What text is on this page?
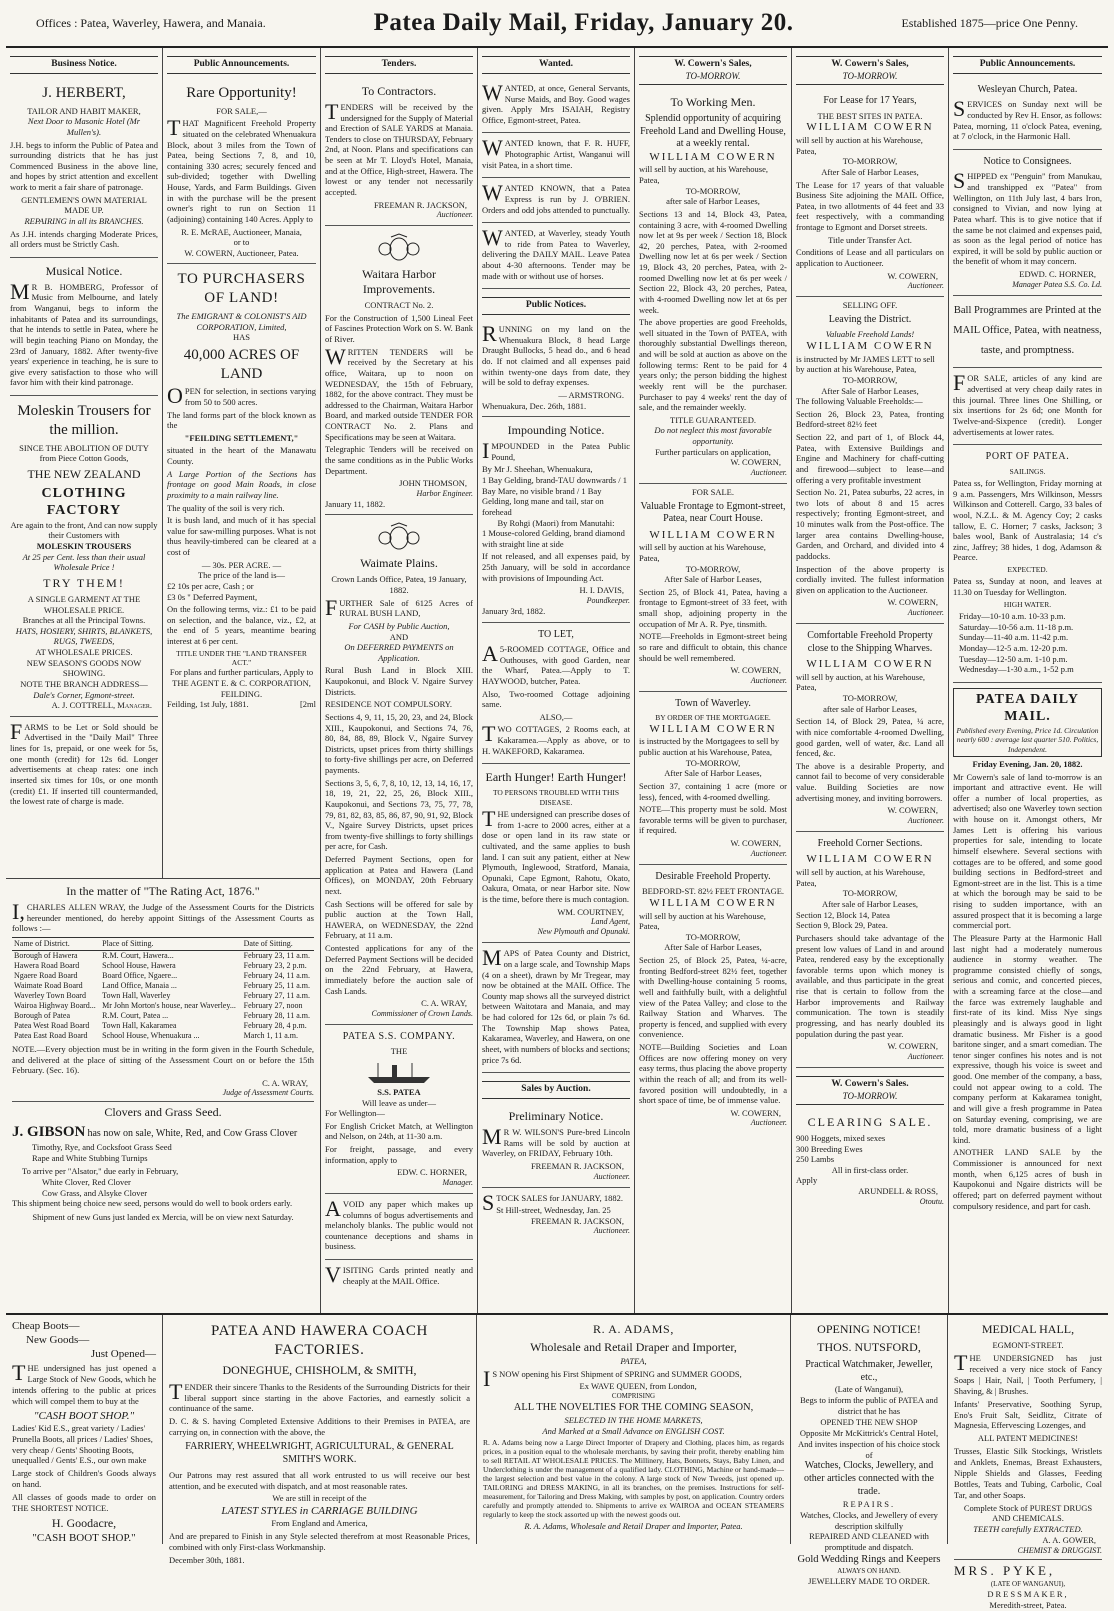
Offices : Patea, Waverley, Hawera, and Manaia.	Patea Daily Mail, Friday, January 20.	Established 1875—price One Penny.
Business Notice.
J. HERBERT,
TAILOR AND HABIT MAKER,
Next Door to Masonic Hotel (Mr Mullen's).

J.H. begs to inform the Public of Patea and surrounding districts that he has just Commenced Business in the above line, and hopes by strict attention and excellent work to merit a fair share of patronage.

GENTLEMEN'S OWN MATERIAL MADE UP.
REPAIRING in all its BRANCHES.

As J.H. intends charging Moderate Prices, all orders must be Strictly Cash.

Musical Notice.

MR B. HOMBERG, Professor of Music from Melbourne, and lately from Wanganui, begs to inform the inhabitants of Patea and its surroundings, that he intends to settle in Patea, where he will begin teaching Piano on Monday, the 23rd of January, 1882. After twenty-five years' experience in teaching, he is sure to give every satisfaction to those who will favor him with their kind patronage.

Moleskin Trousers for the million.
SINCE THE ABOLITION OF DUTY from Piece Cotton Goods,
THE NEW ZEALAND
CLOTHING FACTORY
Are again to the front, And can now supply their Customers with
MOLESKIN TROUSERS
At 25 per Cent. less than their usual Wholesale Price !
TRY THEM!
A SINGLE GARMENT AT THE WHOLESALE PRICE.
Branches at all the Principal Towns.
HATS, HOSIERY, SHIRTS, BLANKETS, RUGS, TWEEDS,
AT WHOLESALE PRICES.
NEW SEASON'S GOODS NOW SHOWING.
NOTE THE BRANCH ADDRESS—
Dale's Corner, Egmont-street.
A. J. COTTRELL, Manager.

FARMS to be Let or Sold should be Advertised in the "Daily Mail" Three lines for 1s, prepaid, or one week for 5s, one month (credit) for 12s 6d. Longer advertisements at cheap rates: one inch inserted six times for 10s, or one month (credit) £1. If inserted till countermanded, the lowest rate of charge is made.

Public Announcements.
Rare Opportunity!
FOR SALE,—

THAT Magnificent Freehold Property situated on the celebrated Whenuakura Block, about 3 miles from the Town of Patea, being Sections 7, 8, and 10, containing 330 acres; securely fenced and sub-divided; together with Dwelling House, Yards, and Farm Buildings. Given in with the purchase will be the present owner's right to run on Section 11 (adjoining) containing 140 Acres. Apply to

R. E. McRAE, Auctioneer, Manaia,
or to
W. COWERN, Auctioneer, Patea.
TO PURCHASERS OF LAND!
The EMIGRANT & COLONIST'S AID CORPORATION, Limited,
HAS
40,000 ACRES OF LAND

OPEN for selection, in sections varying from 50 to 500 acres.

The land forms part of the block known as the

"FEILDING SETTLEMENT,"

situated in the heart of the Manawatu County.

A Large Portion of the Sections has frontage on good Main Roads, in close proximity to a main railway line.

The quality of the soil is very rich.

It is bush land, and much of it has special value for saw-milling purposes. What is not thus heavily-timbered can be cleared at a cost of

— 30s. PER ACRE. —
The price of the land is—
£2 10s per acre, Cash ; or
£3 0s " Deferred Payment,

On the following terms, viz.: £1 to be paid on selection, and the balance, viz., £2, at the end of 5 years, meantime bearing interest at 6 per cent.

TITLE UNDER THE "LAND TRANSFER ACT."
For plans and further particulars, Apply to
THE AGENT E. & C. CORPORATION, FEILDING.
Feilding, 1st July, 1881.	[2ml
In the matter of "The Rating Act, 1876."

I,CHARLES ALLEN WRAY, the Judge of the Assessment Courts for the Districts hereunder mentioned, do hereby appoint Sittings of the Assessment Courts as follows :—

Name of District.	Place of Sitting.	Date of Sitting.
Borough of Hawera	R.M. Court, Hawera...	February 23, 11 a.m.
Hawera Road Board	School House, Hawera	February 23, 2 p.m.
Ngaere Road Board	Board Office, Ngaere...	February 24, 11 a.m.
Waimate Road Board	Land Office, Manaia ...	February 25, 11 a.m.
Waverley Town Board	Town Hall, Waverley	February 27, 11 a.m.
Wairoa Highway Board...	Mr John Morton's house, near Waverley...	February 27, noon
Borough of Patea	R.M. Court, Patea ...	February 28, 11 a.m.
Patea West Road Board	Town Hall, Kakaramea	February 28, 4 p.m.
Patea East Road Board	School House, Whenuakura ...	March 1, 11 a.m.

NOTE.—Every objection must be in writing in the form given in the Fourth Schedule, and delivered at the place of sitting of the Assessment Court on or before the 15th February. (Sec. 16).

C. A. WRAY,
Judge of Assessment Courts.
Clovers and Grass Seed.
J. GIBSON has now on sale, White, Red, and Cow Grass Clover
Timothy, Rye, and Cocksfoot Grass Seed
Rape and White Stubbing Turnips
To arrive per "Alsator," due early in February,
White Clover, Red Clover
Cow Grass, and Alsyke Clover
This shipment being choice new seed, persons would do well to book orders early.
Shipment of new Guns just landed ex Mercia, will be on view next Saturday.
Tenders.
To Contractors.

TENDERS will be received by the undersigned for the Supply of Material and Erection of SALE YARDS at Manaia. Tenders to close on THURSDAY, February 2nd, at Noon. Plans and specifications can be seen at Mr T. Lloyd's Hotel, Manaia, and at the Office, High-street, Hawera. The lowest or any tender not necessarily accepted.

FREEMAN R. JACKSON,
Auctioneer.
Waitara Harbor Improvements.
CONTRACT No. 2.

For the Construction of 1,500 Lineal Feet of Fascines Protection Work on S. W. Bank of River.

WRITTEN TENDERS will be received by the Secretary at his office, Waitara, up to noon on WEDNESDAY, the 15th of February, 1882, for the above contract. They must be addressed to the Chairman, Waitara Harbor Board, and marked outside TENDER FOR CONTRACT No. 2. Plans and Specifications may be seen at Waitara.

Telegraphic Tenders will be received on the same conditions as in the Public Works Department.

JOHN THOMSON,
Harbor Engineer.
January 11, 1882.
Waimate Plains.
Crown Lands Office, Patea, 19 January, 1882.

FURTHER Sale of 6125 Acres of RURAL BUSH LAND,

For CASH by Public Auction,
AND
On DEFERRED PAYMENTS on Application.

Rural Bush Land in Block XIII. Kaupokonui, and Block V. Ngaire Survey Districts.

RESIDENCE NOT COMPULSORY.

Sections 4, 9, 11, 15, 20, 23, and 24, Block XIII., Kaupokonui, and Sections 74, 76, 80, 84, 88, 89, Block V., Ngaire Survey Districts, upset prices from thirty shillings to forty-five shillings per acre, on Deferred payments.

Sections 3, 5, 6, 7, 8, 10, 12, 13, 14, 16, 17, 18, 19, 21, 22, 25, 26, Block XIII., Kaupokonui, and Sections 73, 75, 77, 78, 79, 81, 82, 83, 85, 86, 87, 90, 91, 92, Block V., Ngaire Survey Districts, upset prices from twenty-five shillings to forty shillings per acre, for Cash.

Deferred Payment Sections, open for application at Patea and Hawera (Land Offices), on MONDAY, 20th February next.

Cash Sections will be offered for sale by public auction at the Town Hall, HAWERA, on WEDNESDAY, the 22nd February, at 11 a.m.

Contested applications for any of the Deferred Payment Sections will be decided on the 22nd February, at Hawera, immediately before the auction sale of Cash Lands.

C. A. WRAY,
Commissioner of Crown Lands.
PATEA S.S. COMPANY.
THE
S.S. PATEA
Will leave as under—
For Wellington—

For English Cricket Match, at Wellington and Nelson, on 24th, at 11-30 a.m.

For freight, passage, and every information, apply to

EDW. C. HORNER,
Manager.

AVOID any paper which makes up columns of bogus advertisements and melancholy blanks. The public would not countenance deceptions and shams in business.

VISITING Cards printed neatly and cheaply at the MAIL Office.

Wanted.

WANTED, at once, General Servants, Nurse Maids, and Boy. Good wages given. Apply Mrs ISAIAH, Registry Office, Egmont-street, Patea.

WANTED known, that F. R. HUFF, Photographic Artist, Wanganui will visit Patea, in a short time.

WANTED KNOWN, that a Patea Express is run by J. O'BRIEN. Orders and odd jobs attended to punctually.

WANTED, at Waverley, steady Youth to ride from Patea to Waverley, delivering the DAILY MAIL. Leave Patea about 4-30 afternoons. Tender may be made with or without use of horses.

Public Notices.

RUNNING on my land on the Whenuakura Block, 8 head Large Draught Bullocks, 5 head do., and 6 head do. If not claimed and all expenses paid within twenty-one days from date, they will be sold to defray expenses.

— ARMSTRONG.
Whenuakura, Dec. 26th, 1881.
Impounding Notice.

IMPOUNDED in the Patea Public Pound,

By Mr J. Sheehan, Whenuakura,
1 Bay Gelding, brand-TAU downwards / 1 Bay Mare, no visible brand / 1 Bay Gelding, long mane and tail, star on forehead
By Rohgi (Maori) from Manutahi:
1 Mouse-colored Gelding, brand diamond with straight line at side

If not released, and all expenses paid, by 25th January, will be sold in accordance with provisions of Impounding Act.

H. I. DAVIS,
Poundkeeper.
January 3rd, 1882.
TO LET,

A5-ROOMED COTTAGE, Office and Outhouses, with good Garden, near the Wharf, Patea.—Apply to T. HAYWOOD, butcher, Patea.

Also, Two-roomed Cottage adjoining same.

ALSO,—

TWO COTTAGES, 2 Rooms each, at Kakaramea.—Apply as above, or to H. WAKEFORD, Kakaramea.

Earth Hunger! Earth Hunger!
TO PERSONS TROUBLED WITH THIS DISEASE.

THE undersigned can prescribe doses of from 1-acre to 2000 acres, either at a dose or open land in its raw state or cultivated, and the same applies to bush land. I can suit any patient, either at New Plymouth, Inglewood, Stratford, Manaia, Opunaki, Cape Egmont, Rahotu, Okato, Oakura, Omata, or near Harbor site. Now is the time, before there is much contagion.

WM. COURTNEY,
Land Agent,
New Plymouth and Opunaki.

MAPS of Patea County and District, on a large scale, and Township Maps (4 on a sheet), drawn by Mr Tregear, may now be obtained at the MAIL Office. The County map shows all the surveyed district between Waitotara and Manaia, and may be had colored for 12s 6d, or plain 7s 6d. The Township Map shows Patea, Kakaramea, Waverley, and Hawera, on one sheet, with numbers of blocks and sections; price 7s 6d.

Sales by Auction.
Preliminary Notice.

MR W. WILSON'S Pure-bred Lincoln Rams will be sold by auction at Waverley, on FRIDAY, February 10th.

FREEMAN R. JACKSON,
Auctioneer.

STOCK SALES for JANUARY, 1882.

St Hill-street, Wednesday, Jan. 25
FREEMAN R. JACKSON,
Auctioneer.
W. Cowern's Sales,
TO-MORROW.
To Working Men.
Splendid opportunity of acquiring Freehold Land and Dwelling House, at a weekly rental.
WILLIAM COWERN
will sell by auction, at his Warehouse, Patea,
TO-MORROW,
after sale of Harbor Leases,

Sections 13 and 14, Block 43, Patea, containing 3 acre, with 4-roomed Dwelling now let at 9s per week / Section 18, Block 42, 20 perches, Patea, with 2-roomed Dwelling now let at 6s per week / Section 19, Block 43, 20 perches, Patea, with 2-roomed Dwelling now let at 6s per week / Section 22, Block 43, 20 perches, Patea, with 4-roomed Dwelling now let at 6s per week.

The above properties are good Freeholds, well situated in the Town of PATEA, with thoroughly substantial Dwellings thereon, and will be sold at auction as above on the following terms: Rent to be paid for 4 years only; the person bidding the highest weekly rent will be the purchaser. Purchaser to pay 4 weeks' rent the day of sale, and the remainder weekly.

TITLE GUARANTEED.
Do not neglect this most favorable opportunity.
Further particulars on application,
W. COWERN,
Auctioneer.
FOR SALE.
Valuable Frontage to Egmont-street, Patea, near Court House.
WILLIAM COWERN
will sell by auction at his Warehouse, Patea,
TO-MORROW,
After Sale of Harbor Leases,

Section 25, of Block 41, Patea, having a frontage to Egmont-street of 33 feet, with small shop, adjoining property in the occupation of Mr A. R. Pye, tinsmith.

NOTE—Freeholds in Egmont-street being so rare and difficult to obtain, this chance should be well remembered.

W. COWERN,
Auctioneer.
Town of Waverley.
BY ORDER OF THE MORTGAGEE.
WILLIAM COWERN
is instructed by the Mortgagees to sell by public auction at his Warehouse, Patea,
TO-MORROW,
After Sale of Harbor Leases,

Section 37, containing 1 acre (more or less), fenced, with 4-roomed dwelling.

NOTE—This property must be sold. Most favorable terms will be given to purchaser, if required.

W. COWERN,
Auctioneer.
Desirable Freehold Property.
BEDFORD-ST. 82½ FEET FRONTAGE.
WILLIAM COWERN
will sell by auction at his Warehouse, Patea,
TO-MORROW,
After Sale of Harbor Leases,

Section 25, of Block 25, Patea, ¼-acre, fronting Bedford-street 82½ feet, together with Dwelling-house containing 5 rooms, well and faithfully built, with a delightful view of the Patea Valley; and close to the Railway Station and Wharves. The property is fenced, and supplied with every convenience.

NOTE—Building Societies and Loan Offices are now offering money on very easy terms, thus placing the above property within the reach of all; and from its well-favored position will undoubtedly, in a short space of time, be of immense value.

W. COWERN,
Auctioneer.
W. Cowern's Sales,
TO-MORROW.
For Lease for 17 Years,
THE BEST SITES IN PATEA.
WILLIAM COWERN
will sell by auction at his Warehouse, Patea,
TO-MORROW,
After Sale of Harbor Leases,

The Lease for 17 years of that valuable Business Site adjoining the MAIL Office, Patea, in two allotments of 44 feet and 33 feet respectively, with a commanding frontage to Egmont and Dorset streets.

Title under Transfer Act.

Conditions of Lease and all particulars on application to Auctioneer.

W. COWERN,
Auctioneer.
SELLING OFF.
Leaving the District.
Valuable Freehold Lands!
WILLIAM COWERN
is instructed by Mr JAMES LETT to sell by auction at his Warehouse, Patea,
TO-MORROW,
After Sale of Harbor Leases,
The following Valuable Freeholds:—

Section 26, Block 23, Patea, fronting Bedford-street 82½ feet

Section 22, and part of 1, of Block 44, Patea, with Extensive Buildings and Engine and Machinery for chaff-cutting and firewood—subject to lease—and offering a very profitable investment

Section No. 21, Patea suburbs, 22 acres, in two lots of about 8 and 15 acres respectively; fronting Egmont-street, and 10 minutes walk from the Post-office. The larger area contains Dwelling-house, Garden, and Orchard, and divided into 4 paddocks.

Inspection of the above property is cordially invited. The fullest information given on application to the Auctioneer.

W. COWERN,
Auctioneer.
Comfortable Freehold Property close to the Shipping Wharves.
WILLIAM COWERN
will sell by auction, at his Warehouse, Patea,
TO-MORROW,
after sale of Harbor Leases,

Section 14, of Block 29, Patea, ¼ acre, with nice comfortable 4-roomed Dwelling, good garden, well of water, &c. Land all fenced, &c.

The above is a desirable Property, and cannot fail to become of very considerable value. Building Societies are now advertising money, and inviting borrowers.

W. COWERN,
Auctioneer.
Freehold Corner Sections.
WILLIAM COWERN
will sell by auction, at his Warehouse, Patea,
TO-MORROW,
After sale of Harbor Leases,
Section 12, Block 14, Patea
Section 9, Block 29, Patea.

Purchasers should take advantage of the present low values of Land in and around Patea, rendered easy by the exceptionally favorable terms upon which money is available, and thus participate in the great rise that is certain to follow from the Harbor improvements and Railway communication. The town is steadily progressing, and has nearly doubled its population during the past year.

W. COWERN,
Auctioneer.
W. Cowern's Sales.
TO-MORROW.
CLEARING SALE.
900 Hoggets, mixed sexes
300 Breeding Ewes
250 Lambs
All in first-class order.
Apply
ARUNDELL & ROSS,
Otoutu.
Public Announcements.
Wesleyan Church, Patea.

SERVICES on Sunday next will be conducted by Rev H. Ensor, as follows: Patea, morning, 11 o'clock Patea, evening, at 7 o'clock, in the Harmonic Hall.

Notice to Consignees.

SHIPPED ex "Penguin" from Manukau, and transhipped ex "Patea" from Wellington, on 11th July last, 4 bars Iron, consigned to Vivian, and now lying at Patea wharf. This is to give notice that if the same be not claimed and expenses paid, as soon as the legal period of notice has expired, it will be sold by public auction or the benefit of whom it may concern.

EDWD. C. HORNER,
Manager Patea S.S. Co. Ld.

Ball Programmes are Printed at the MAIL Office, Patea, with neatness, taste, and promptness.

FOR SALE, articles of any kind are advertised at very cheap daily rates in this journal. Three lines One Shilling, or six insertions for 2s 6d; one Month for Twelve-and-Sixpence (credit). Longer advertisements at lower rates.

PORT OF PATEA.
SAILINGS.

Patea ss, for Wellington, Friday morning at 9 a.m. Passengers, Mrs Wilkinson, Messrs Wilkinson and Cotterell. Cargo, 33 bales of wool, N.Z.L. & M. Agency Coy; 2 casks tallow, E. C. Horner; 7 casks, Jackson; 3 bales wool, Bank of Australasia; 14 c's zinc, Jaffrey; 38 hides, 1 dog, Adamson & Pearce.

EXPECTED.

Patea ss, Sunday at noon, and leaves at 11.30 on Tuesday for Wellington.

HIGH WATER.
Friday—10-10 a.m. 10-33 p.m.
Saturday—10-56 a.m. 11-18 p.m.
Sunday—11-40 a.m. 11-42 p.m.
Monday—12-5 a.m. 12-20 p.m.
Tuesday—12-50 a.m. 1-10 p.m.
Wednesday—1-30 a.m., 1-52 p.m
PATEA DAILY MAIL.
Published every Evening, Price 1d. Circulation nearly 600 : average last quarter 510. Politics, Independent.
Friday Evening, Jan. 20, 1882.

Mr Cowern's sale of land to-morrow is an important and attractive event. He will offer a number of local properties, as advertised; also one Waverley town section with house on it. Amongst others, Mr James Lett is offering his various properties for sale, intending to locate himself elsewhere. Several sections with cottages are to be offered, and some good building sections in Bedford-street and Egmont-street are in the list. This is a time at which the borough may be said to be rising to sudden importance, with an assured prospect that it is becoming a large commercial port.

The Pleasure Party at the Harmonic Hall last night had a moderately numerous audience in stormy weather. The programme consisted chiefly of songs, serious and comic, and concerted pieces, with a screaming farce at the close—and the farce was extremely laughable and first-rate of its kind. Miss Nye sings pleasingly and is always good in light dramatic business. Mr Fisher is a good baritone singer, and a smart comedian. The tenor singer confines his notes and is not expressive, though his voice is sweet and good. One member of the company, a bass, could not appear owing to a cold. The company perform at Kakaramea tonight, and will give a fresh programme in Patea on Saturday evening, comprising, we are told, more dramatic business of a light kind.

ANOTHER LAND SALE by the Commissioner is announced for next month, when 6,125 acres of bush in Kaupokonui and Ngaire districts will be offered; part on deferred payment without compulsory residence, and part for cash.

Cheap Boots—
New Goods—
Just Opened—

THE undersigned has just opened a Large Stock of New Goods, which he intends offering to the public at prices which will compel them to buy at the

"CASH BOOT SHOP."
Ladies' Kid E.S., great variety / Ladies' Prunella Boots, all prices / Ladies' Shoes, very cheap / Gents' Shooting Boots, unequalled / Gents' E.S., our own make

Large stock of Children's Goods always on hand.

All classes of goods made to order on THE SHORTEST NOTICE.

H. Goodacre,
"CASH BOOT SHOP."
PATEA AND HAWERA COACH FACTORIES.
DONEGHUE, CHISHOLM, & SMITH,

TENDER their sincere Thanks to the Residents of the Surrounding Districts for their liberal support since starting in the above Factories, and earnestly solicit a continuance of the same.

D. C. & S. having Completed Extensive Additions to their Premises in PATEA, are carrying on, in connection with the above, the

FARRIERY, WHEELWRIGHT, AGRICULTURAL, & GENERAL SMITH'S WORK.

Our Patrons may rest assured that all work entrusted to us will receive our best attention, and be executed with dispatch, and at most reasonable rates.

We are still in receipt of the
LATEST STYLES in CARRIAGE BUILDING
From England and America,

And are prepared to Finish in any Style selected therefrom at most Reasonable Prices, combined with only First-class Workmanship.

December 30th, 1881.
R. A. ADAMS,
Wholesale and Retail Draper and Importer,
PATEA,

IS NOW opening his First Shipment of SPRING and SUMMER GOODS,

Ex WAVE QUEEN, from London,
COMPRISING
ALL THE NOVELTIES FOR THE COMING SEASON,
SELECTED IN THE HOME MARKETS,
And Marked at a Small Advance on ENGLISH COST.

R. A. Adams being now a Large Direct Importer of Drapery and Clothing, places him, as regards prices, in a position equal to the wholesale merchants, by saving their profit, thereby enabling him to sell RETAIL AT WHOLESALE PRICES. The Millinery, Hats, Bonnets, Stays, Baby Linen, and Underclothing is under the management of a qualified lady. CLOTHING, Machine or hand-made—the largest selection and best value in the colony. A large stock of New Tweeds, just opened up. TAILORING and DRESS MAKING, in all its branches, on the premises. Instructions for self-measurement, for Tailoring and Dress Making, with samples by post, on application. Country orders carefully and promptly attended to. Shipments to arrive ex WAIROA and OCEAN STEAMERS regularly to keep the stock assorted up with the newest goods out.

R. A. Adams, Wholesale and Retail Draper and Importer, Patea.
OPENING NOTICE!
THOS. NUTSFORD,
Practical Watchmaker, Jeweller, etc.,
(Late of Wanganui),
Begs to inform the public of PATEA and district that he has
OPENED THE NEW SHOP
Opposite Mr McKittrick's Central Hotel, And invites inspection of his choice stock of
Watches, Clocks, Jewellery, and other articles connected with the trade.
REPAIRS.
Watches, Clocks, and Jewellery of every description skilfully
REPAIRED AND CLEANED with promptitude and dispatch.
Gold Wedding Rings and Keepers
ALWAYS ON HAND.
JEWELLERY MADE TO ORDER.
MEDICAL HALL,
EGMONT-STREET.

THE UNDERSIGNED has just received a very nice stock of Fancy Soaps | Hair, Nail, | Tooth Perfumery, | Shaving, & | Brushes.

Infants' Preservative, Soothing Syrup, Eno's Fruit Salt, Seidlitz, Citrate of Magnesia, Effervescing Lozenges, and

ALL PATENT MEDICINES!

Trusses, Elastic Silk Stockings, Wristlets and Anklets, Enemas, Breast Exhausters, Nipple Shields and Glasses, Feeding Bottles, Teats and Tubing, Carbolic, Coal Tar, and other Soaps.

Complete Stock of PUREST DRUGS AND CHEMICALS.
TEETH carefully EXTRACTED.
A. A. GOWER,
CHEMIST & DRUGGIST.
MRS. PYKE,
(LATE OF WANGANUI),
DRESSMAKER,
Meredith-street, Patea.
